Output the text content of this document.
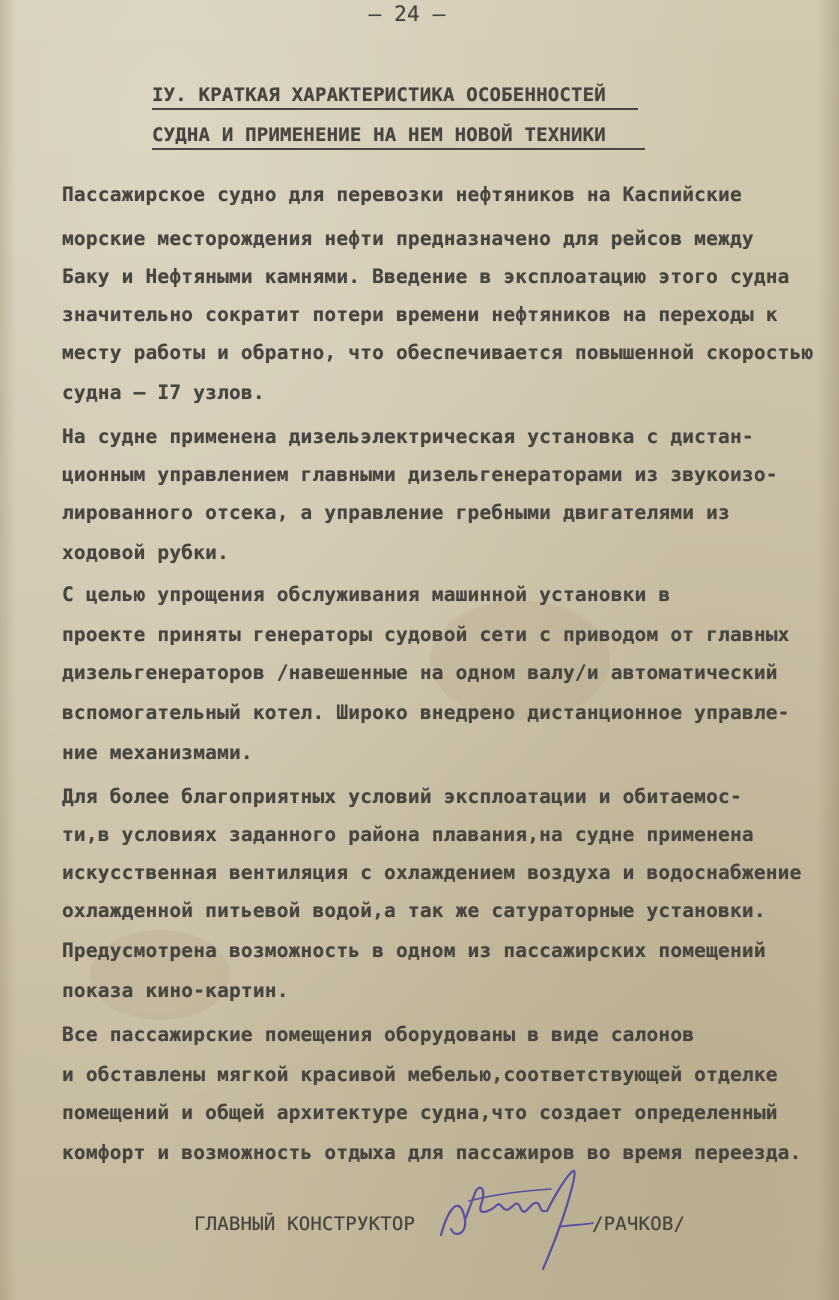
– 24 –
IУ. КРАТКАЯ ХАРАКТЕРИСТИКА ОСОБЕННОСТЕЙ
СУДНА И ПРИМЕНЕНИЕ НА НЕМ НОВОЙ ТЕХНИКИ
Пассажирское судно для перевозки нефтяников на Каспийские
морские месторождения нефти предназначено для рейсов между
Баку и Нефтяными камнями. Введение в эксплоатацию этого судна
значительно сократит потери времени нефтяников на переходы к
месту работы и обратно, что обеспечивается повышенной скоростью
судна – I7 узлов.
На судне применена дизельэлектрическая установка с дистан-
ционным управлением главными дизельгенераторами из звукоизо-
лированного отсека, а управление гребными двигателями из
ходовой рубки.
С целью упрощения обслуживания машинной установки в
проекте приняты генераторы судовой сети с приводом от главных
дизельгенераторов /навешенные на одном валу/и автоматический
вспомогательный котел. Широко внедрено дистанционное управле-
ние механизмами.
Для более благоприятных условий эксплоатации и обитаемос-
ти,в условиях заданного района плавания,на судне применена
искусственная вентиляция с охлаждением воздуха и водоснабжение
охлажденной питьевой водой,а так же сатураторные установки.
Предусмотрена возможность в одном из пассажирских помещений
показа кино-картин.
Все пассажирские помещения оборудованы в виде салонов
и обставлены мягкой красивой мебелью,соответствующей отделке
помещений и общей архитектуре судна,что создает определенный
комфорт и возможность отдыха для пассажиров во время переезда.
ГЛАВНЫЙ КОНСТРУКТОР	/РАЧКОВ/
